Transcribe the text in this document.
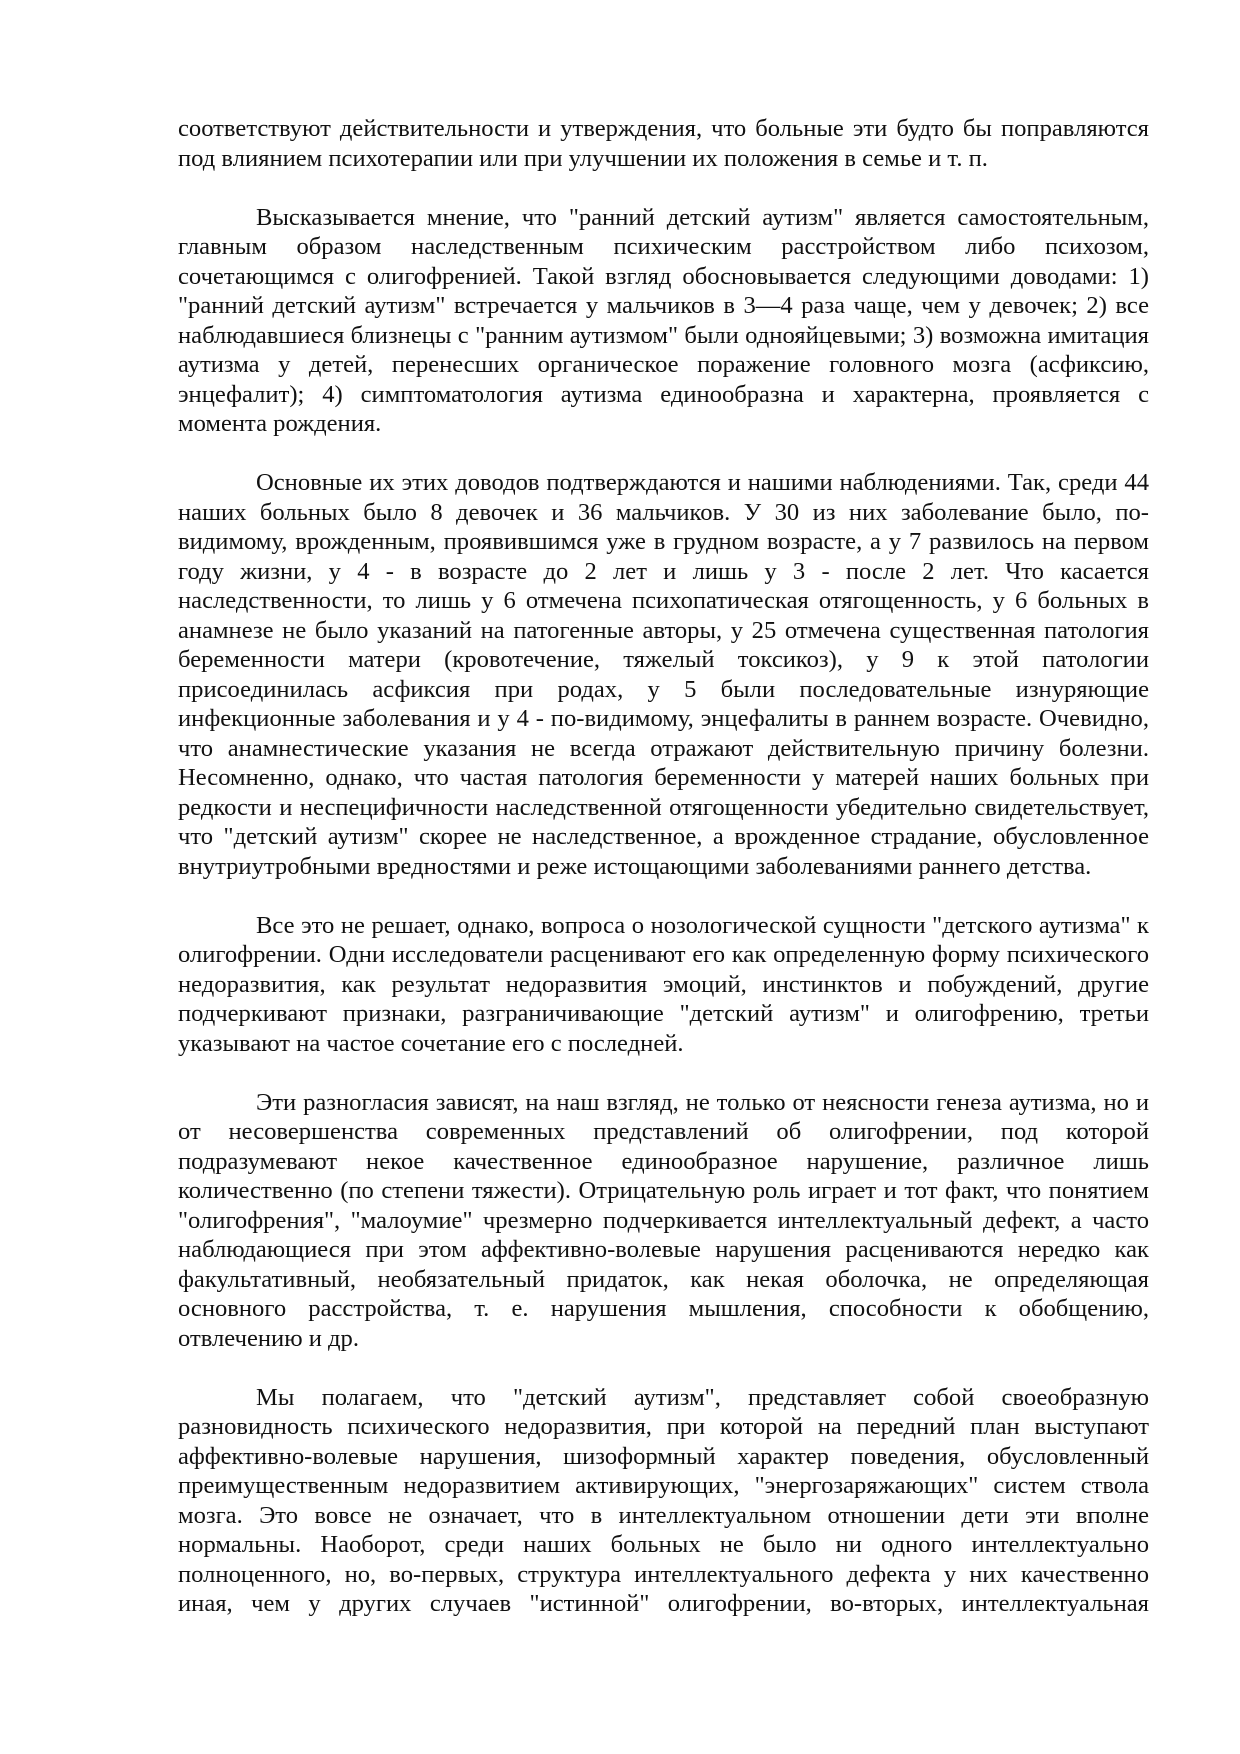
соответствуют действительности и утверждения, что больные эти будто бы поправляются под влиянием психотерапии или при улучшении их положения в семье и т. п.

Высказывается мнение, что "ранний детский аутизм" является самостоятельным, главным образом наследственным психическим расстройством либо психозом, сочетающимся с олигофренией. Такой взгляд обосновывается следующими доводами: 1) "ранний детский аутизм" встречается у мальчиков в 3—4 раза чаще, чем у девочек; 2) все наблюдавшиеся близнецы с "ранним аутизмом" были однояйцевыми; 3) возможна имитация аутизма у детей, перенесших органическое поражение головного мозга (асфиксию, энцефалит); 4) симптоматология аутизма единообразна и характерна, проявляется с момента рождения.

Основные их этих доводов подтверждаются и нашими наблюдениями. Так, среди 44 наших больных было 8 девочек и 36 мальчиков. У 30 из них заболевание было, по-видимому, врожденным, проявившимся уже в грудном возрасте, а у 7 развилось на первом году жизни, у 4 - в возрасте до 2 лет и лишь у 3 - после 2 лет. Что касается наследственности, то лишь у 6 отмечена психопатическая отягощенность, у 6 больных в анамнезе не было указаний на патогенные авторы, у 25 отмечена существенная патология беременности матери (кровотечение, тяжелый токсикоз), у 9 к этой патологии присоединилась асфиксия при родах, у 5 были последовательные изнуряющие инфекционные заболевания и у 4 - по-видимому, энцефалиты в раннем возрасте. Очевидно, что анамнестические указания не всегда отражают действительную причину болезни. Несомненно, однако, что частая патология беременности у матерей наших больных при редкости и неспецифичности наследственной отягощенности убедительно свидетельствует, что "детский аутизм" скорее не наследственное, а врожденное страдание, обусловленное внутриутробными вредностями и реже истощающими заболеваниями раннего детства.

Все это не решает, однако, вопроса о нозологической сущности "детского аутизма" к олигофрении. Одни исследователи расценивают его как определенную форму психического недоразвития, как результат недоразвития эмоций, инстинктов и побуждений, другие подчеркивают признаки, разграничивающие "детский аутизм" и олигофрению, третьи указывают на частое сочетание его с последней.

Эти разногласия зависят, на наш взгляд, не только от неясности генеза аутизма, но и от несовершенства современных представлений об олигофрении, под которой подразумевают некое качественное единообразное нарушение, различное лишь количественно (по степени тяжести). Отрицательную роль играет и тот факт, что понятием "олигофрения", "малоумие" чрезмерно подчеркивается интеллектуальный дефект, а часто наблюдающиеся при этом аффективно-волевые нарушения расцениваются нередко как факультативный, необязательный придаток, как некая оболочка, не определяющая основного расстройства, т. е. нарушения мышления, способности к обобщению, отвлечению и др.

Мы полагаем, что "детский аутизм", представляет собой своеобразную разновидность психического недоразвития, при которой на передний план выступают аффективно-волевые нарушения, шизоформный характер поведения, обусловленный преимущественным недоразвитием активирующих, "энергозаряжающих" систем ствола мозга. Это вовсе не означает, что в интеллектуальном отношении дети эти вполне нормальны. Наоборот, среди наших больных не было ни одного интеллектуально полноценного, но, во-первых, структура интеллектуального дефекта у них качественно иная, чем у других случаев "истинной" олигофрении, во-вторых, интеллектуальная
